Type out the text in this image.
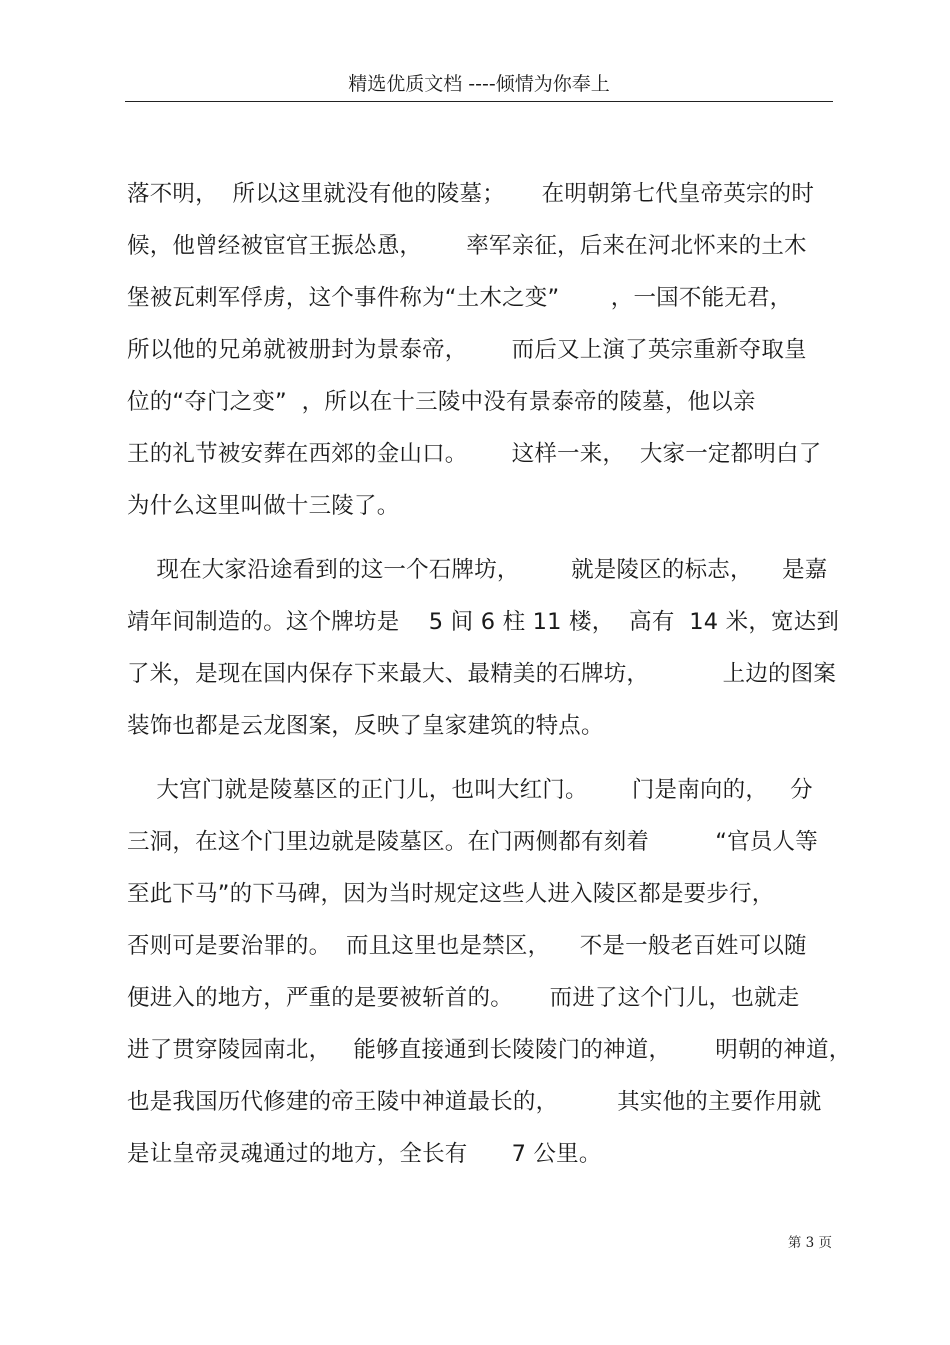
精选优质文档 ----倾情为你奉上
落不明，  所以这里就没有他的陵墓；     在明朝第七代皇帝英宗的时
候，他曾经被宦官王振怂恿，      率军亲征，后来在河北怀来的土木
堡被瓦剌军俘虏，这个事件称为“土木之变”       ，一国不能无君，
所以他的兄弟就被册封为景泰帝，      而后又上演了英宗重新夺取皇
位的“夺门之变”  ，所以在十三陵中没有景泰帝的陵墓，他以亲
王的礼节被安葬在西郊的金山口。      这样一来，  大家一定都明白了
为什么这里叫做十三陵了。
现在大家沿途看到的这一个石牌坊，       就是陵区的标志，    是嘉
靖年间制造的。这个牌坊是    5 间 6 柱 11 楼，  高有  14 米，宽达到
了米，是现在国内保存下来最大、最精美的石牌坊，          上边的图案
装饰也都是云龙图案，反映了皇家建筑的特点。
大宫门就是陵墓区的正门儿，也叫大红门。      门是南向的，   分
三洞，在这个门里边就是陵墓区。在门两侧都有刻着         “官员人等
至此下马”的下马碑，因为当时规定这些人进入陵区都是要步行，
否则可是要治罪的。  而且这里也是禁区，    不是一般老百姓可以随
便进入的地方，严重的是要被斩首的。     而进了这个门儿，也就走
进了贯穿陵园南北，   能够直接通到长陵陵门的神道，      明朝的神道，
也是我国历代修建的帝王陵中神道最长的，        其实他的主要作用就
是让皇帝灵魂通过的地方，全长有      7 公里。
第 3 页
